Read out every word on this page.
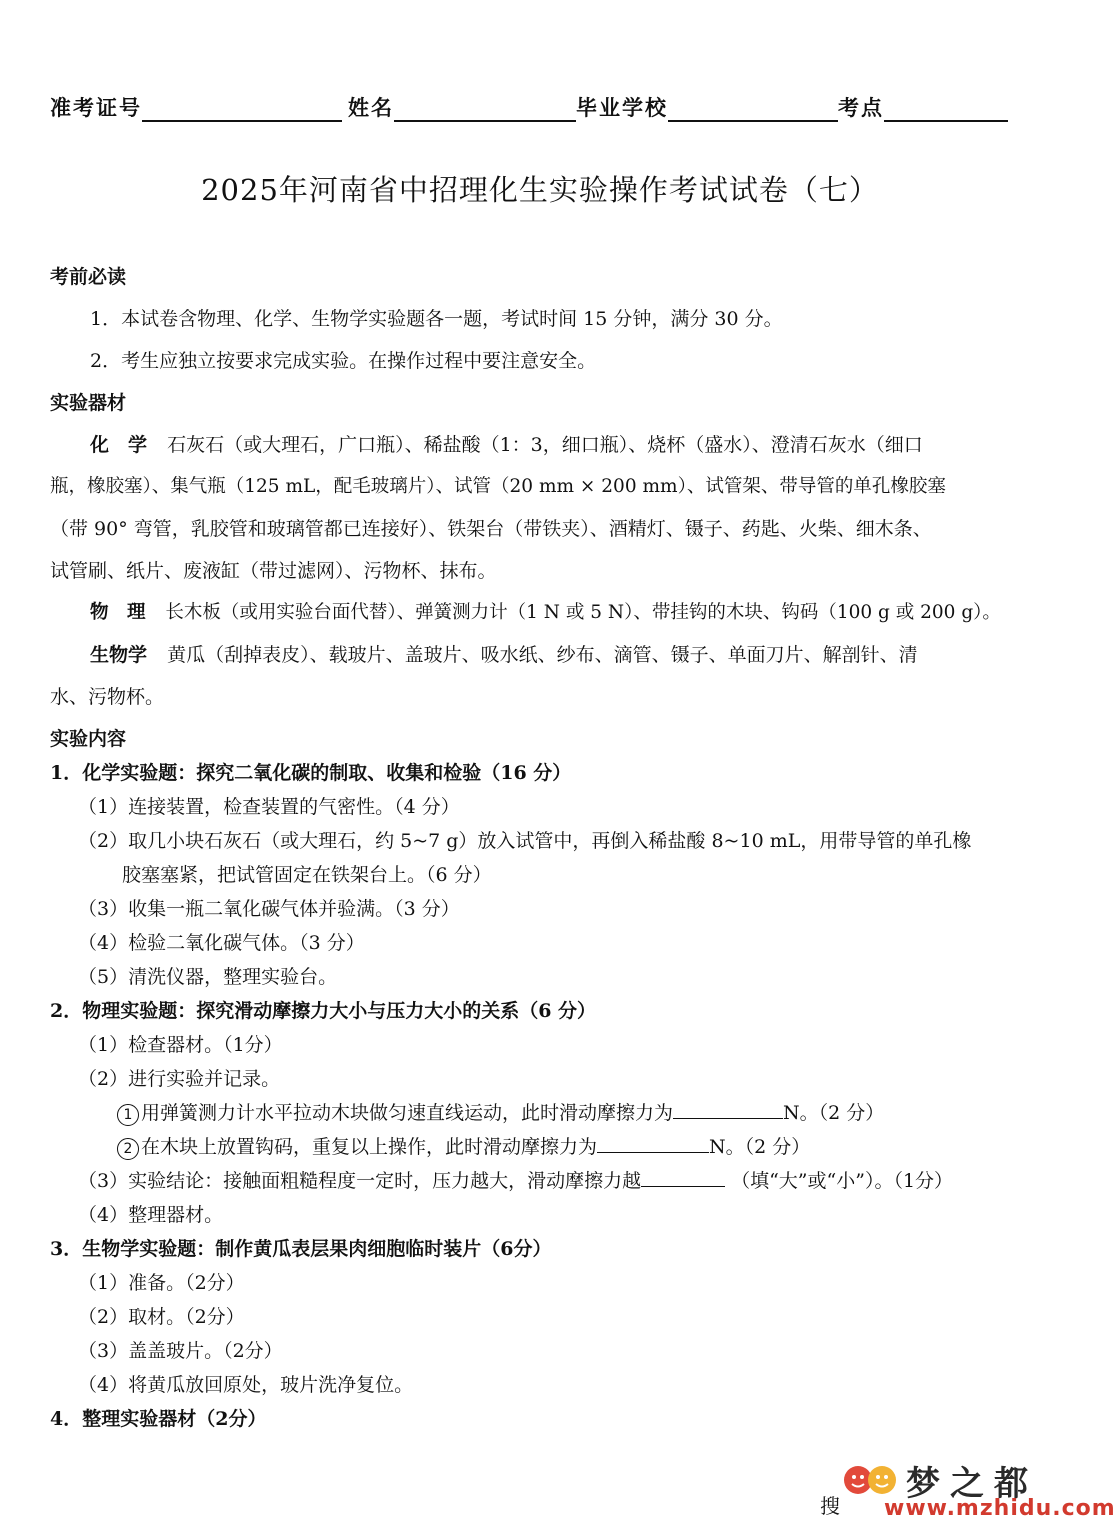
准考证号	姓名	毕业学校	考点
2025年河南省中招理化生实验操作考试试卷（七）
考前必读
1．本试卷含物理、化学、生物学实验题各一题，考试时间 15 分钟，满分 30 分。
2．考生应独立按要求完成实验。在操作过程中要注意安全。
实验器材
化　学 石灰石（或大理石，广口瓶）、稀盐酸（1：3，细口瓶）、烧杯（盛水）、澄清石灰水（细口
瓶，橡胶塞）、集气瓶（125 mL，配毛玻璃片）、试管（20 mm × 200 mm）、试管架、带导管的单孔橡胶塞
（带 90° 弯管，乳胶管和玻璃管都已连接好）、铁架台（带铁夹）、酒精灯、镊子、药匙、火柴、细木条、
试管刷、纸片、废液缸（带过滤网）、污物杯、抹布。
物　理 长木板（或用实验台面代替）、弹簧测力计（1 N 或 5 N）、带挂钩的木块、钩码（100 g 或 200 g）。
生物学 黄瓜（刮掉表皮）、载玻片、盖玻片、吸水纸、纱布、滴管、镊子、单面刀片、解剖针、清
水、污物杯。
实验内容
1．化学实验题：探究二氧化碳的制取、收集和检验（16 分）
（1）连接装置，检查装置的气密性。（4 分）
（2）取几小块石灰石（或大理石，约 5~7 g）放入试管中，再倒入稀盐酸 8~10 mL，用带导管的单孔橡
胶塞塞紧，把试管固定在铁架台上。（6 分）
（3）收集一瓶二氧化碳气体并验满。（3 分）
（4）检验二氧化碳气体。（3 分）
（5）清洗仪器，整理实验台。
2．物理实验题：探究滑动摩擦力大小与压力大小的关系（6 分）
（1）检查器材。（1分）
（2）进行实验并记录。
1 用弹簧测力计水平拉动木块做匀速直线运动，此时滑动摩擦力为	N。（2 分）
2 在木块上放置钩码，重复以上操作，此时滑动摩擦力为	N。（2 分）
（3）实验结论：接触面粗糙程度一定时，压力越大，滑动摩擦力越	（填“大”或“小”）。（1分）
（4）整理器材。
3．生物学实验题：制作黄瓜表层果肉细胞临时装片（6分）
（1）准备。（2分）
（2）取材。（2分）
（3）盖盖玻片。（2分）
（4）将黄瓜放回原处，玻片洗净复位。
4．整理实验器材（2分）
梦之都
搜 www.mzhidu.com
